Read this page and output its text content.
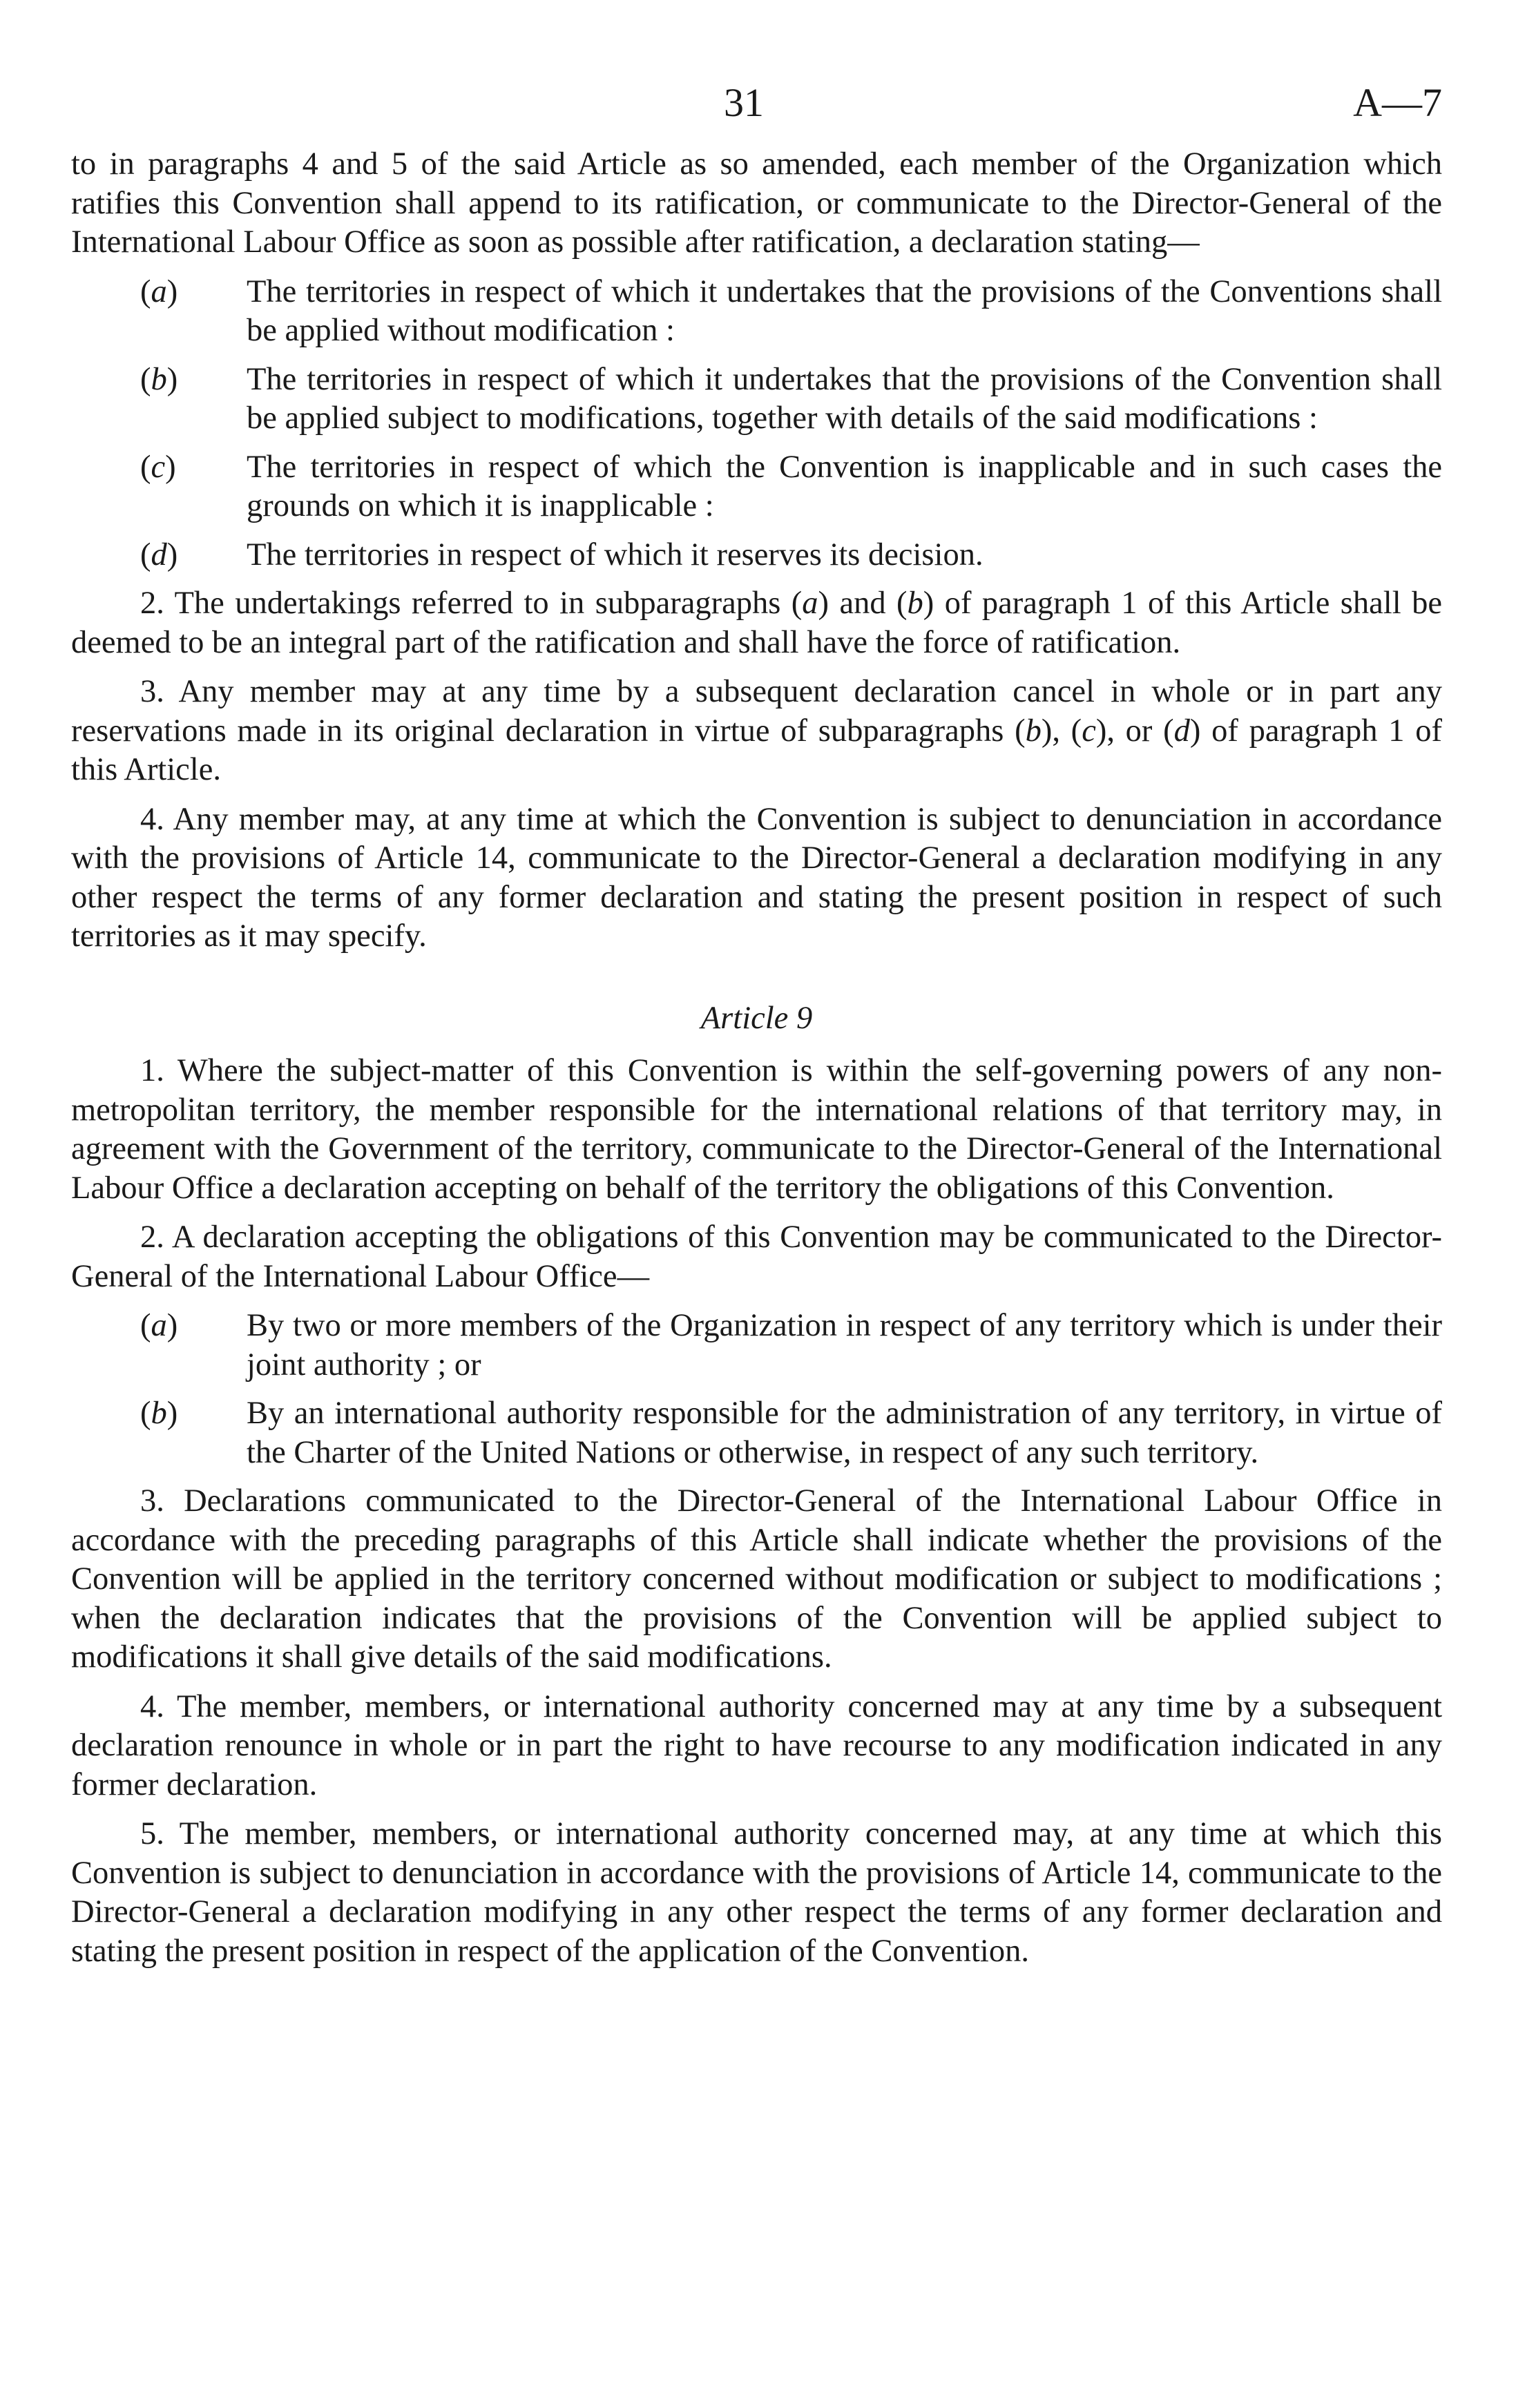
31	A—7

to in paragraphs 4 and 5 of the said Article as so amended, each member of the Organization which ratifies this Convention shall append to its ratification, or communicate to the Director-General of the International Labour Office as soon as possible after ratification, a declaration stating—

(a) The territories in respect of which it undertakes that the provisions of the Conventions shall be applied without modification :

(b) The territories in respect of which it undertakes that the provisions of the Convention shall be applied subject to modifications, together with details of the said modifications :

(c) The territories in respect of which the Convention is inapplicable and in such cases the grounds on which it is inapplicable :

(d) The territories in respect of which it reserves its decision.

2. The undertakings referred to in subparagraphs (a) and (b) of paragraph 1 of this Article shall be deemed to be an integral part of the ratification and shall have the force of ratification.

3. Any member may at any time by a subsequent declaration cancel in whole or in part any reservations made in its original declaration in virtue of subparagraphs (b), (c), or (d) of paragraph 1 of this Article.

4. Any member may, at any time at which the Convention is subject to denunciation in accordance with the provisions of Article 14, communicate to the Director-General a declaration modifying in any other respect the terms of any former declaration and stating the present position in respect of such territories as it may specify.

Article 9

1. Where the subject-matter of this Convention is within the self-governing powers of any non-metropolitan territory, the member responsible for the international relations of that territory may, in agreement with the Government of the territory, communicate to the Director-General of the International Labour Office a declaration accepting on behalf of the territory the obligations of this Convention.

2. A declaration accepting the obligations of this Convention may be communicated to the Director-General of the International Labour Office—

(a) By two or more members of the Organization in respect of any territory which is under their joint authority ; or

(b) By an international authority responsible for the administration of any territory, in virtue of the Charter of the United Nations or otherwise, in respect of any such territory.

3. Declarations communicated to the Director-General of the International Labour Office in accordance with the preceding paragraphs of this Article shall indicate whether the provisions of the Convention will be applied in the territory concerned without modification or subject to modifications ; when the declaration indicates that the provisions of the Convention will be applied subject to modifications it shall give details of the said modifications.

4. The member, members, or international authority concerned may at any time by a subsequent declaration renounce in whole or in part the right to have recourse to any modification indicated in any former declaration.

5. The member, members, or international authority concerned may, at any time at which this Convention is subject to denunciation in accordance with the provisions of Article 14, communicate to the Director-General a declaration modifying in any other respect the terms of any former declaration and stating the present position in respect of the application of the Convention.
